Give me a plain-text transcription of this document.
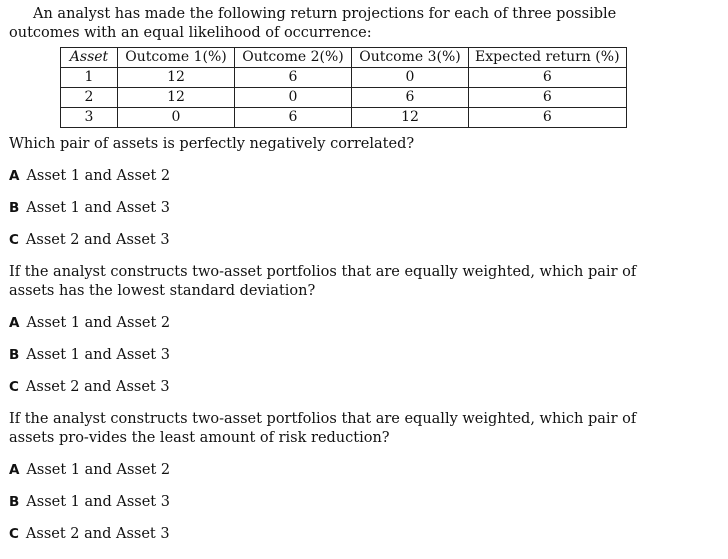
An analyst has made the following return projections for each of three possible outcomes with an equal likelihood of occurrence:

Asset	Outcome 1(%)	Outcome 2(%)	Outcome 3(%)	Expected return (%)
1	12	6	0	6
2	12	0	6	6
3	0	6	12	6

Which pair of assets is perfectly negatively correlated?

A Asset 1 and Asset 2

B Asset 1 and Asset 3

C Asset 2 and Asset 3

If the analyst constructs two-asset portfolios that are equally weighted, which pair of assets has the lowest standard deviation?

A Asset 1 and Asset 2

B Asset 1 and Asset 3

C Asset 2 and Asset 3

If the analyst constructs two-asset portfolios that are equally weighted, which pair of assets pro-vides the least amount of risk reduction?

A Asset 1 and Asset 2

B Asset 1 and Asset 3

C Asset 2 and Asset 3
